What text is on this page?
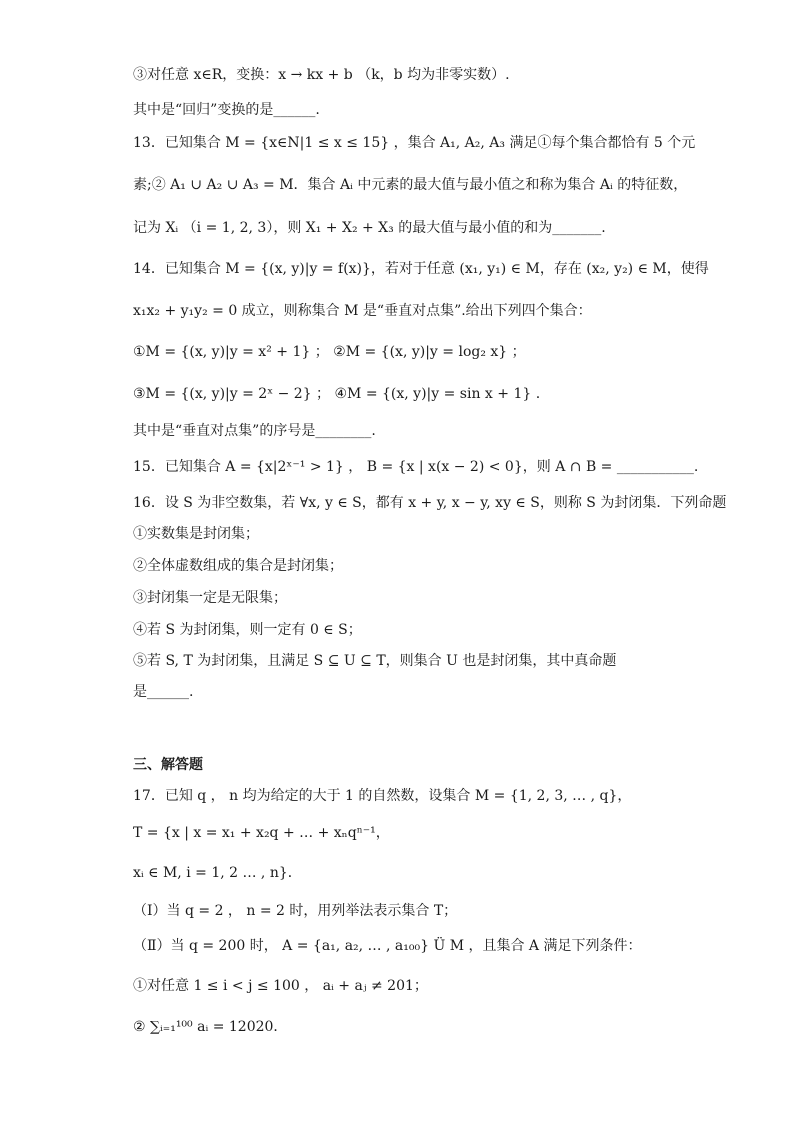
③对任意 x∈R，变换：x → kx + b （k，b 均为非零实数）.
其中是“回归”变换的是______.
13．已知集合 M = {x∈N|1 ≤ x ≤ 15} ，集合 A₁, A₂, A₃ 满足①每个集合都恰有 5 个元
素;② A₁ ∪ A₂ ∪ A₃ = M．集合 Aᵢ 中元素的最大值与最小值之和称为集合 Aᵢ 的特征数，
记为 Xᵢ （i = 1, 2, 3），则 X₁ + X₂ + X₃ 的最大值与最小值的和为_______.
14．已知集合 M = {(x, y)|y = f(x)}，若对于任意 (x₁, y₁) ∈ M，存在 (x₂, y₂) ∈ M，使得
x₁x₂ + y₁y₂ = 0 成立，则称集合 M 是“垂直对点集”.给出下列四个集合：
①M = {(x, y)|y = x² + 1} ； ②M = {(x, y)|y = log₂ x} ；
③M = {(x, y)|y = 2ˣ − 2} ； ④M = {(x, y)|y = sin x + 1} .
其中是“垂直对点集”的序号是________.
15．已知集合 A = {x|2ˣ⁻¹ > 1} ， B = {x | x(x − 2) < 0}，则 A ∩ B = ___________.
16．设 S 为非空数集，若 ∀x, y ∈ S，都有 x + y, x − y, xy ∈ S，则称 S 为封闭集．下列命题
①实数集是封闭集；
②全体虚数组成的集合是封闭集；
③封闭集一定是无限集；
④若 S 为封闭集，则一定有 0 ∈ S；
⑤若 S, T 为封闭集，且满足 S ⊆ U ⊆ T，则集合 U 也是封闭集，其中真命题
是______.
三、解答题
17．已知 q ， n 均为给定的大于 1 的自然数，设集合 M = {1, 2, 3, … , q}，
T = {x | x = x₁ + x₂q + … + xₙqⁿ⁻¹，
xᵢ ∈ M, i = 1, 2 … , n}．
（Ⅰ）当 q = 2 ， n = 2 时，用列举法表示集合 T；
（Ⅱ）当 q = 200 时， A = {a₁, a₂, … , a₁₀₀} Ü M ，且集合 A 满足下列条件：
①对任意 1 ≤ i < j ≤ 100 ， aᵢ + aⱼ ≠ 201；
② ∑ᵢ₌₁¹⁰⁰ aᵢ = 12020．
